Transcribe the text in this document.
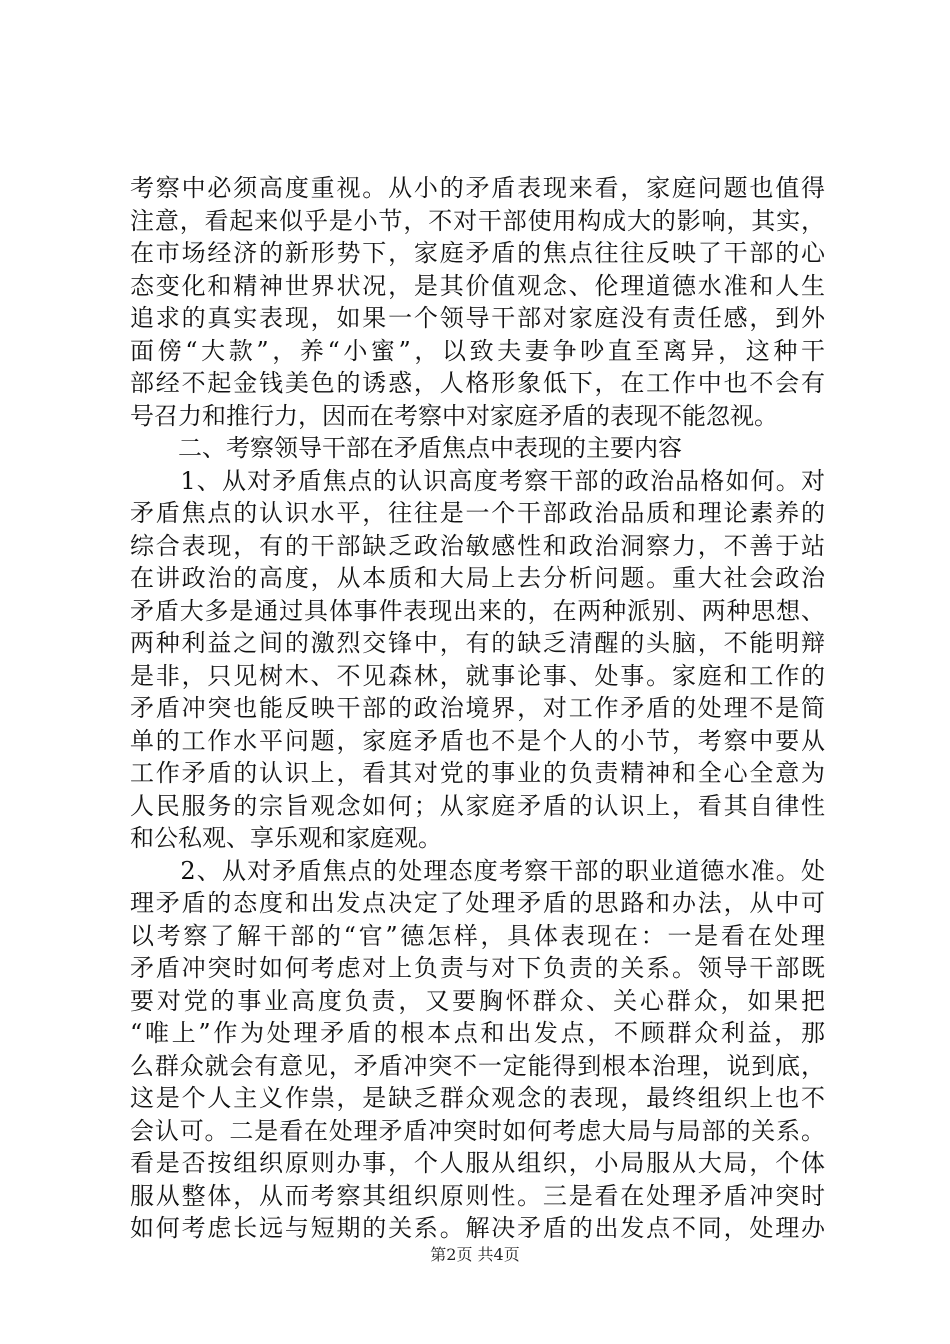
考察中必须高度重视。从小的矛盾表现来看，家庭问题也值得
注意，看起来似乎是小节，不对干部使用构成大的影响，其实，
在市场经济的新形势下，家庭矛盾的焦点往往反映了干部的心
态变化和精神世界状况，是其价值观念、伦理道德水准和人生
追求的真实表现，如果一个领导干部对家庭没有责任感，到外
面傍“大款”，养“小蜜”，以致夫妻争吵直至离异，这种干
部经不起金钱美色的诱惑，人格形象低下，在工作中也不会有
号召力和推行力，因而在考察中对家庭矛盾的表现不能忽视。
　　二、考察领导干部在矛盾焦点中表现的主要内容
　　1、从对矛盾焦点的认识高度考察干部的政治品格如何。对
矛盾焦点的认识水平，往往是一个干部政治品质和理论素养的
综合表现，有的干部缺乏政治敏感性和政治洞察力，不善于站
在讲政治的高度，从本质和大局上去分析问题。重大社会政治
矛盾大多是通过具体事件表现出来的，在两种派别、两种思想、
两种利益之间的激烈交锋中，有的缺乏清醒的头脑，不能明辩
是非，只见树木、不见森林，就事论事、处事。家庭和工作的
矛盾冲突也能反映干部的政治境界，对工作矛盾的处理不是简
单的工作水平问题，家庭矛盾也不是个人的小节，考察中要从
工作矛盾的认识上，看其对党的事业的负责精神和全心全意为
人民服务的宗旨观念如何；从家庭矛盾的认识上，看其自律性
和公私观、享乐观和家庭观。
　　2、从对矛盾焦点的处理态度考察干部的职业道德水准。处
理矛盾的态度和出发点决定了处理矛盾的思路和办法，从中可
以考察了解干部的“官”德怎样，具体表现在：一是看在处理
矛盾冲突时如何考虑对上负责与对下负责的关系。领导干部既
要对党的事业高度负责，又要胸怀群众、关心群众，如果把
“唯上”作为处理矛盾的根本点和出发点，不顾群众利益，那
么群众就会有意见，矛盾冲突不一定能得到根本治理，说到底，
这是个人主义作祟，是缺乏群众观念的表现，最终组织上也不
会认可。二是看在处理矛盾冲突时如何考虑大局与局部的关系。
看是否按组织原则办事，个人服从组织，小局服从大局，个体
服从整体，从而考察其组织原则性。三是看在处理矛盾冲突时
如何考虑长远与短期的关系。解决矛盾的出发点不同，处理办
第2页 共4页
